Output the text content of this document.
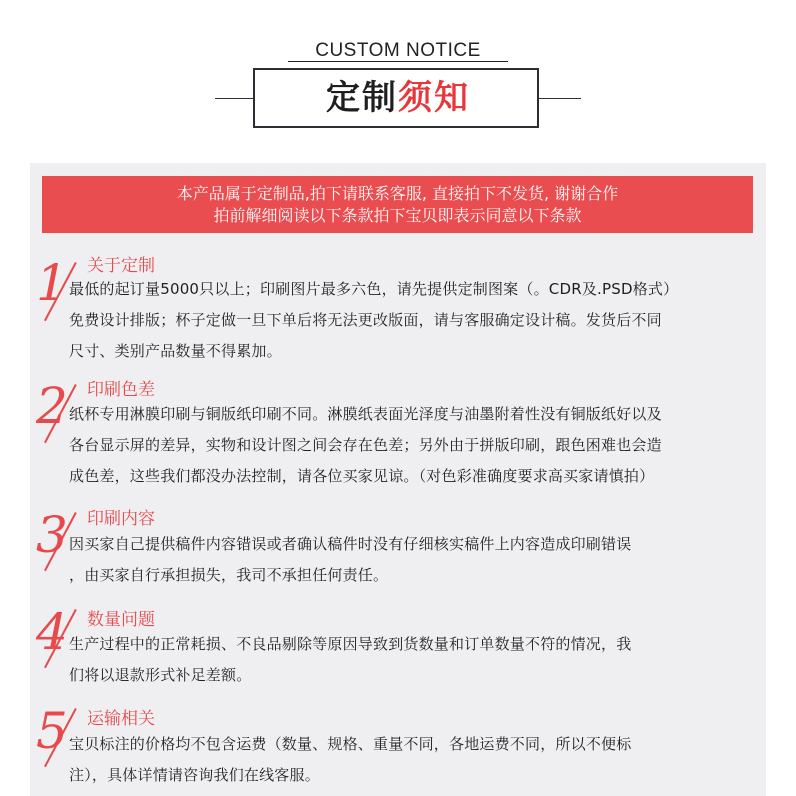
CUSTOM NOTICE
定制须知
本产品属于定制品,拍下请联系客服, 直接拍下不发货, 谢谢合作
拍前解细阅读以下条款拍下宝贝即表示同意以下条款
1 关于定制
最低的起订量5000只以上；印刷图片最多六色，请先提供定制图案（。CDR及.PSD格式）
免费设计排版；杯子定做一旦下单后将无法更改版面，请与客服确定设计稿。发货后不同
尺寸、类别产品数量不得累加。
2 印刷色差
纸杯专用淋膜印刷与铜版纸印刷不同。淋膜纸表面光泽度与油墨附着性没有铜版纸好以及
各台显示屏的差异，实物和设计图之间会存在色差；另外由于拼版印刷，跟色困难也会造
成色差，这些我们都没办法控制，请各位买家见谅。（对色彩准确度要求高买家请慎拍）
3 印刷内容
因买家自己提供稿件内容错误或者确认稿件时没有仔细核实稿件上内容造成印刷错误
，由买家自行承担损失，我司不承担任何责任。
4 数量问题
生产过程中的正常耗损、不良品剔除等原因导致到货数量和订单数量不符的情况，我
们将以退款形式补足差额。
5 运输相关
宝贝标注的价格均不包含运费（数量、规格、重量不同，各地运费不同，所以不便标
注），具体详情请咨询我们在线客服。
